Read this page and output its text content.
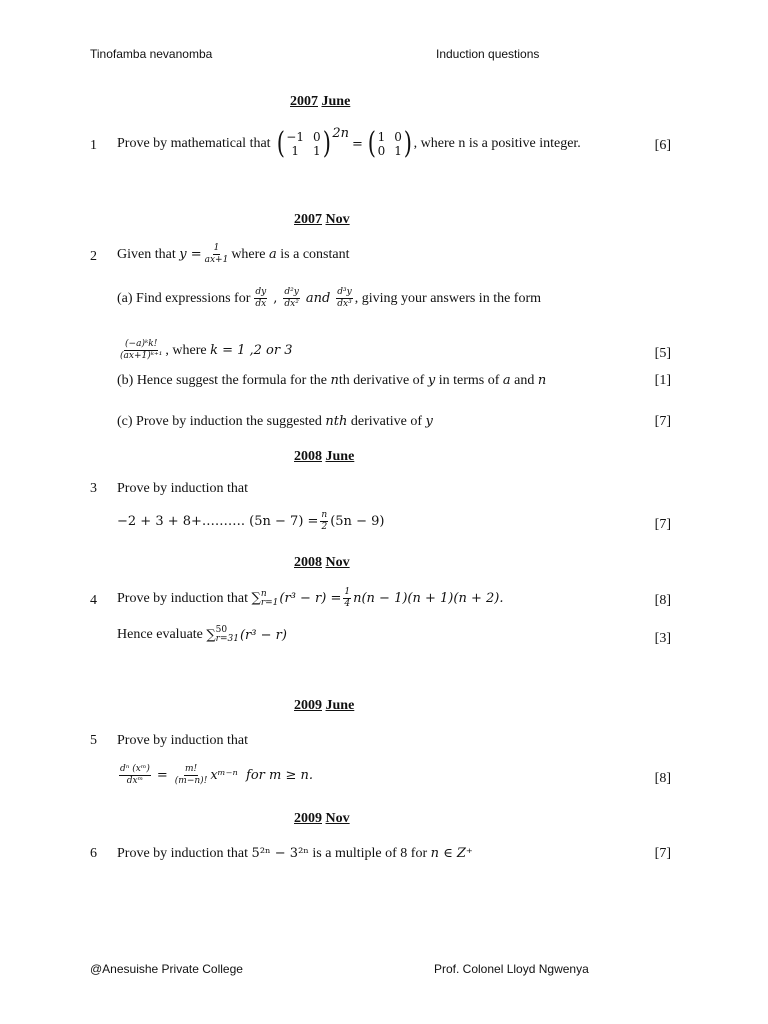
Tinofamba nevanomba	Induction questions
2007 June
1 Prove by mathematical that ( −1 0
1	1 ) 2n
= ( 1 0
0 1 ) , where n is a positive integer.	[6]
2007 Nov
2 Given that
$y = \frac{1}{ax+1}$ where
a
is a constant
(a) Find expressions for $\frac{dy}{dx}$ , $\frac{\text{d²y}}{\text{dx²}}$ and $\frac{\text{d³y}}{\text{dx³}}$ , giving your answers in the form
$\frac{\text{(−a)ᵏk!}}{\text{(ax+1)ᵏ⁺¹}}$ , where
k = 1 ,2 or 3	[5]
(b) Hence suggest the formula for the nth derivative of y in terms of a and n	[1]
(c) Prove by induction the suggested nth derivative of y	[7]
2008 June
3 Prove by induction that
−2 + 3 + 8+………. $(5n - 7) = \frac{n}{2} (5n - 9)$	[7]
2008 Nov
4 Prove by induction that
∑ n
r=1 $(r^3 - r) = \frac{1}{4} n(n - 1)(n + 1)(n + 2)$.	[8]
Hence evaluate
∑ 50
r=31 (r³ − r)	[3]
2009 June
5 Prove by induction that
$\frac{\text{dⁿ (xᵐ)}}{\text{dxᵐ}} = \frac{m!}{(m-n)!}$ xᵐ⁻ⁿ  for m ≥ n.	[8]
2009 Nov
6 Prove by induction that 5²ⁿ − 3²ⁿ is a multiple of 8 for n ∈ Z⁺	[7]
@Anesuishe Private College	Prof. Colonel Lloyd Ngwenya
